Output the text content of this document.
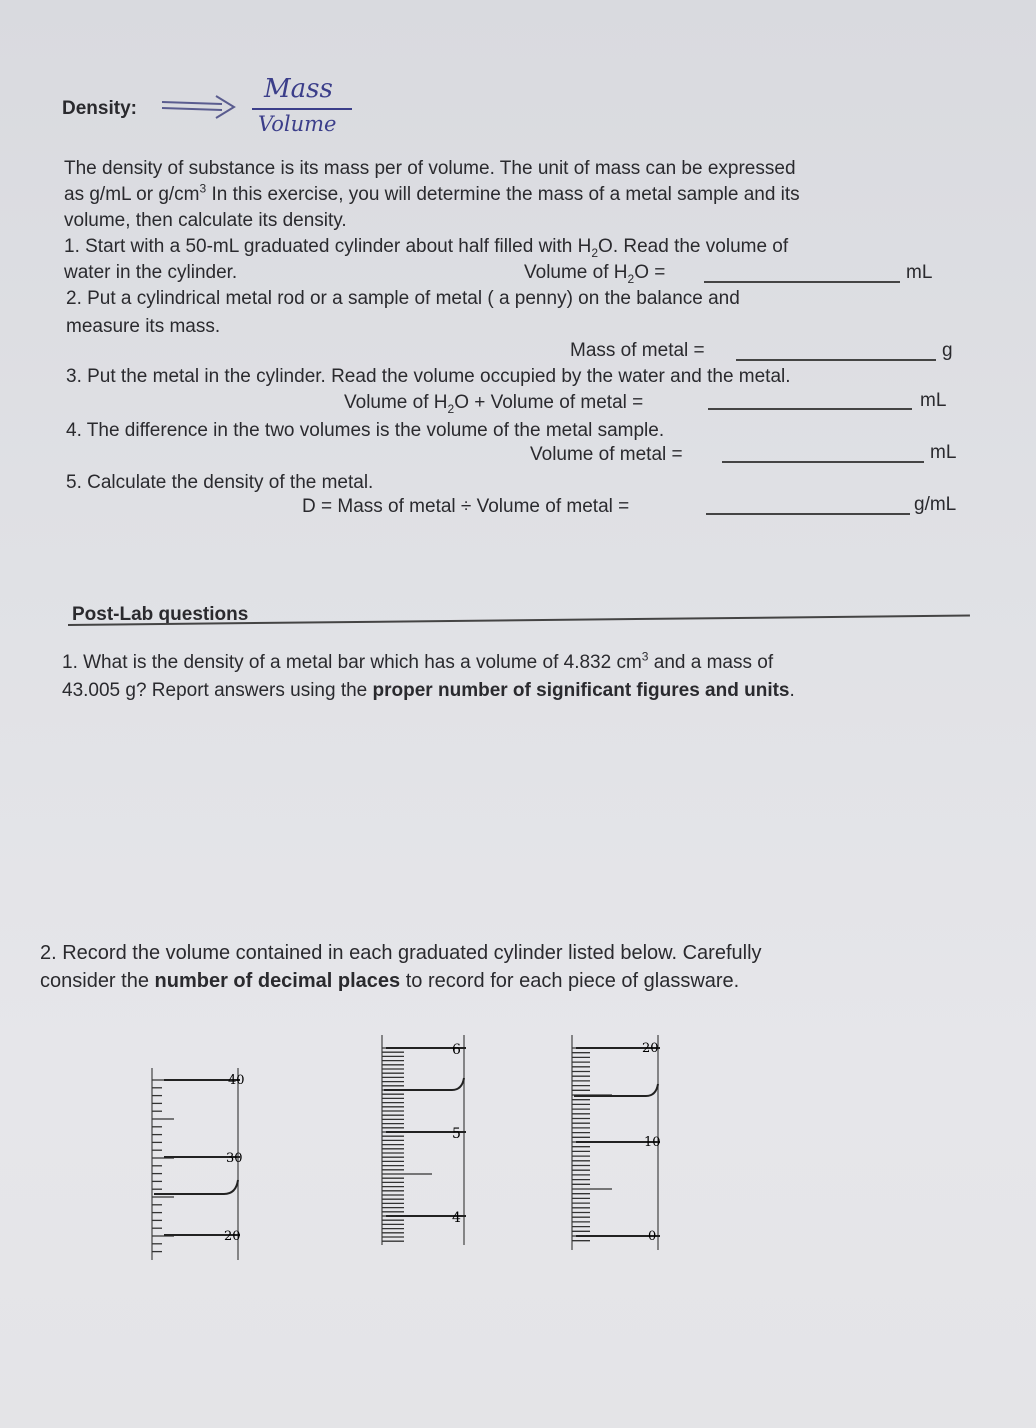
Density:
Mass
Volume
The density of substance is its mass per of volume. The unit of mass can be expressed
as g/mL or $g/cm^3$ In this exercise, you will determine the mass of a metal sample and its
volume, then calculate its density.
1. Start with a 50-mL graduated cylinder about half filled with $H_2O$. Read the volume of
water in the cylinder.	Volume of $H_2O$ =	mL
2. Put a cylindrical metal rod or a sample of metal ( a penny) on the balance and
measure its mass.
Mass of metal =	g
3. Put the metal in the cylinder. Read the volume occupied by the water and the metal.
Volume of $H_2O$ + Volume of metal =	mL
4. The difference in the two volumes is the volume of the metal sample.
Volume of metal =	mL
5. Calculate the density of the metal.
D = Mass of metal ÷ Volume of metal =	g/mL
Post-Lab questions
1. What is the density of a metal bar which has a volume of 4.832 $cm^3$ and a mass of
43.005 g? Report answers using the proper number of significant figures and units.
2. Record the volume contained in each graduated cylinder listed below. Carefully
consider the number of decimal places to record for each piece of glassware.
40
30
20
6
5
4
20
10
0
